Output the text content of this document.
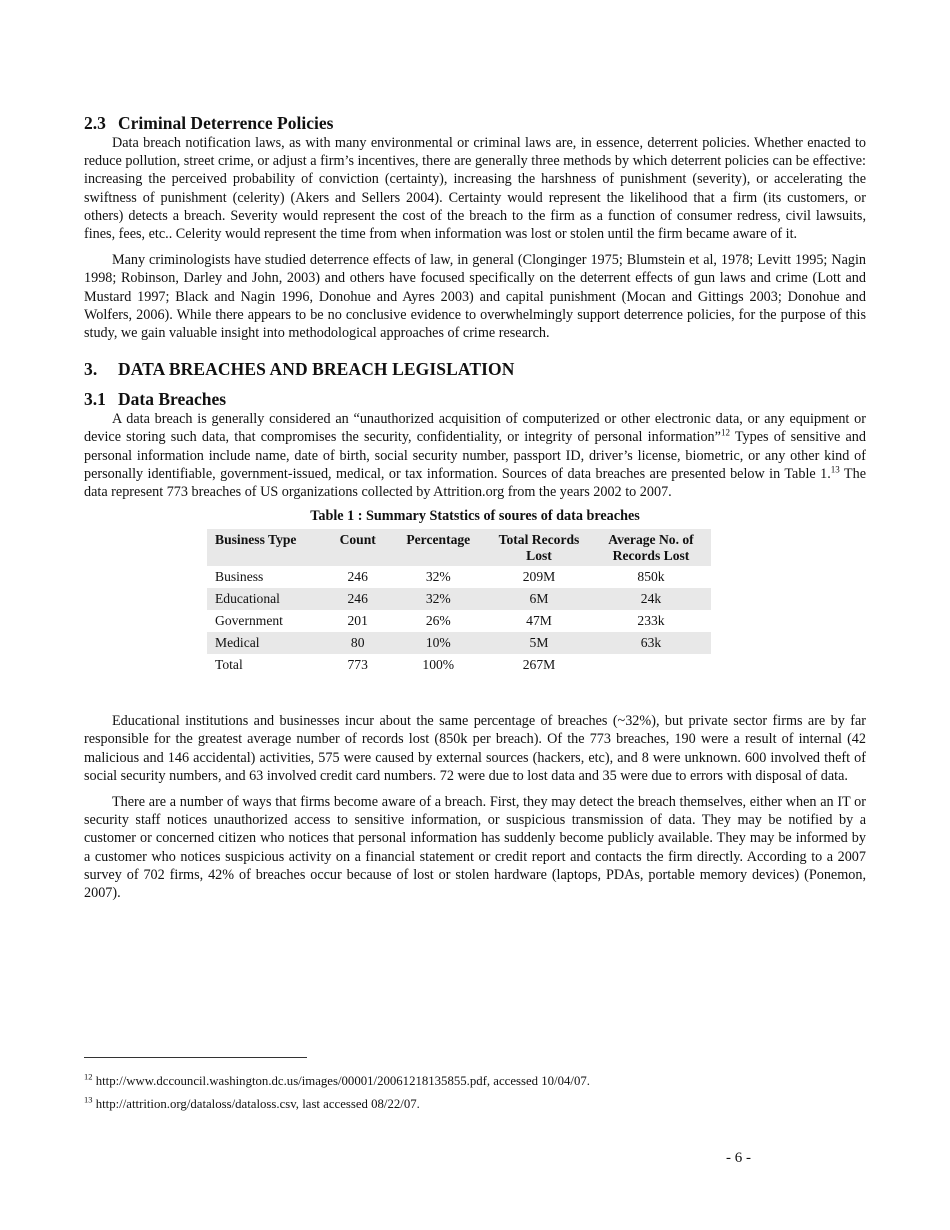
2.3 Criminal Deterrence Policies

Data breach notification laws, as with many environmental or criminal laws are, in essence, deterrent policies. Whether enacted to reduce pollution, street crime, or adjust a firm’s incentives, there are generally three methods by which deterrent policies can be effective: increasing the perceived probability of conviction (certainty), increasing the harshness of punishment (severity), or accelerating the swiftness of punishment (celerity) (Akers and Sellers 2004). Certainty would represent the likelihood that a firm (its customers, or others) detects a breach. Severity would represent the cost of the breach to the firm as a function of consumer redress, civil lawsuits, fines, fees, etc.. Celerity would represent the time from when information was lost or stolen until the firm became aware of it.

Many criminologists have studied deterrence effects of law, in general (Clonginger 1975; Blumstein et al, 1978; Levitt 1995; Nagin 1998; Robinson, Darley and John, 2003) and others have focused specifically on the deterrent effects of gun laws and crime (Lott and Mustard 1997; Black and Nagin 1996, Donohue and Ayres 2003) and capital punishment (Mocan and Gittings 2003; Donohue and Wolfers, 2006). While there appears to be no conclusive evidence to overwhelmingly support deterrence policies, for the purpose of this study, we gain valuable insight into methodological approaches of crime research.

3. DATA BREACHES AND BREACH LEGISLATION
3.1 Data Breaches

A data breach is generally considered an “unauthorized acquisition of computerized or other electronic data, or any equipment or device storing such data, that compromises the security, confidentiality, or integrity of personal information”$^{12}$ Types of sensitive and personal information include name, date of birth, social security number, passport ID, driver’s license, biometric, or any other kind of personally identifiable, government-issued, medical, or tax information. Sources of data breaches are presented below in Table 1.13 The data represent 773 breaches of US organizations collected by Attrition.org from the years 2002 to 2007.

Table 1 : Summary Statstics of soures of data breaches
Business Type	Count	Percentage	Total Records Lost	Average No. of Records Lost
Business	246	32%	209M	850k
Educational	246	32%	6M	24k
Government	201	26%	47M	233k
Medical	80	10%	5M	63k
Total	773	100%	267M	

Educational institutions and businesses incur about the same percentage of breaches (~32%), but private sector firms are by far responsible for the greatest average number of records lost (850k per breach). Of the 773 breaches, 190 were a result of internal (42 malicious and 146 accidental) activities, 575 were caused by external sources (hackers, etc), and 8 were unknown. 600 involved theft of social security numbers, and 63 involved credit card numbers. 72 were due to lost data and 35 were due to errors with disposal of data.

There are a number of ways that firms become aware of a breach. First, they may detect the breach themselves, either when an IT or security staff notices unauthorized access to sensitive information, or suspicious transmission of data. They may be notified by a customer or concerned citizen who notices that personal information has suddenly become publicly available. They may be informed by a customer who notices suspicious activity on a financial statement or credit report and contacts the firm directly. According to a 2007 survey of 702 firms, 42% of breaches occur because of lost or stolen hardware (laptops, PDAs, portable memory devices) (Ponemon, 2007).

$^{12}$ http://www.dccouncil.washington.dc.us/images/00001/20061218135855.pdf, accessed 10/04/07.
$^{13}$ http://attrition.org/dataloss/dataloss.csv, last accessed 08/22/07.
- 6 -
